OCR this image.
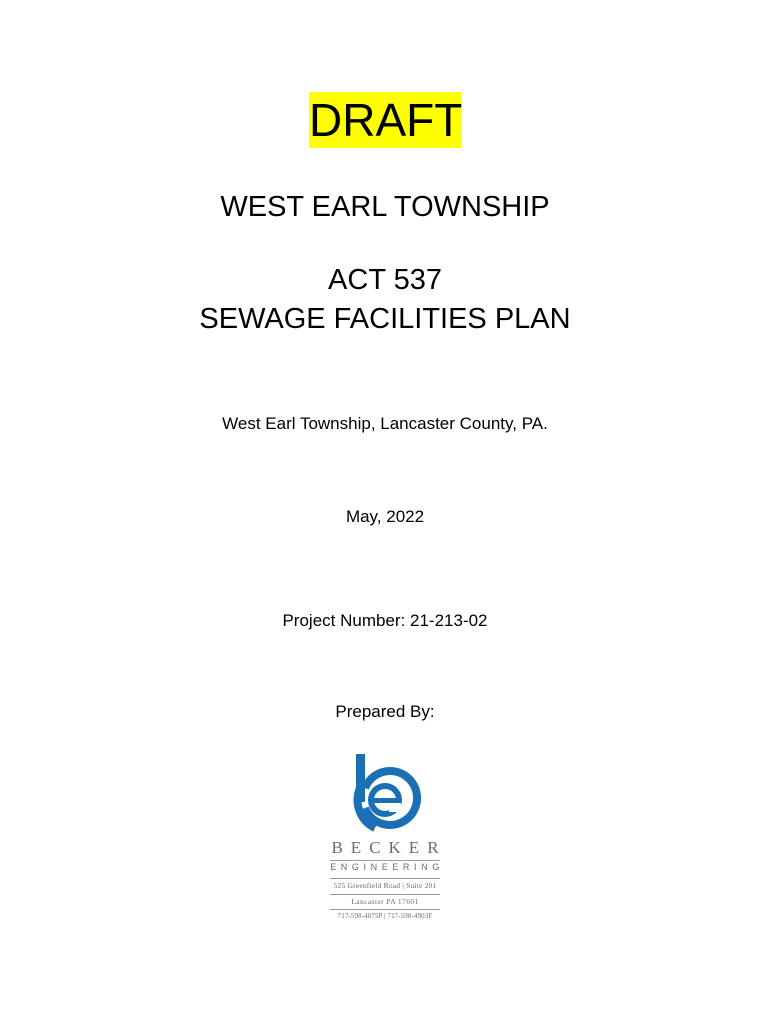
DRAFT
WEST EARL TOWNSHIP
ACT 537
SEWAGE FACILITIES PLAN
West Earl Township, Lancaster County, PA.
May, 2022
Project Number: 21-213-02
Prepared By:
BECKER
ENGINEERING
525 Greenfield Road | Suite 201
Lancaster PA 17601
717-598-4075P | 717-598-4903F
